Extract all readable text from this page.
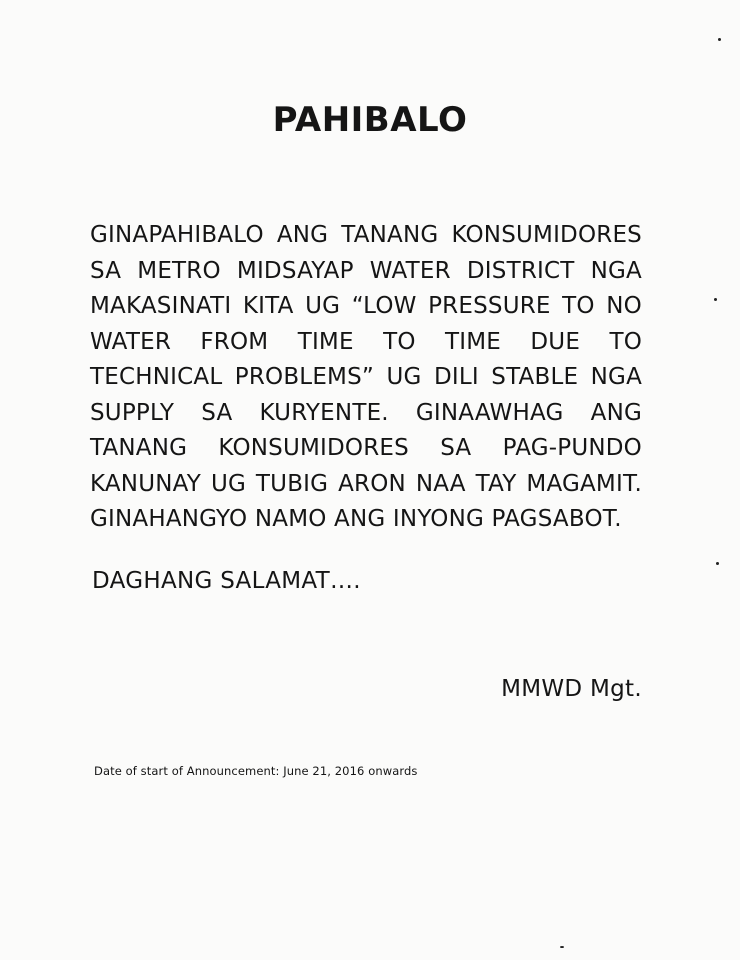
PAHIBALO
GINAPAHIBALO ANG TANANG KONSUMIDORES
SA METRO MIDSAYAP WATER DISTRICT NGA
MAKASINATI KITA UG “LOW PRESSURE TO NO
WATER FROM TIME TO TIME DUE TO
TECHNICAL PROBLEMS” UG DILI STABLE NGA
SUPPLY SA KURYENTE. GINAAWHAG ANG
TANANG KONSUMIDORES SA PAG-PUNDO
KANUNAY UG TUBIG ARON NAA TAY MAGAMIT.
GINAHANGYO NAMO ANG INYONG PAGSABOT.
DAGHANG SALAMAT….
MMWD Mgt.
Date of start of Announcement: June 21, 2016 onwards
